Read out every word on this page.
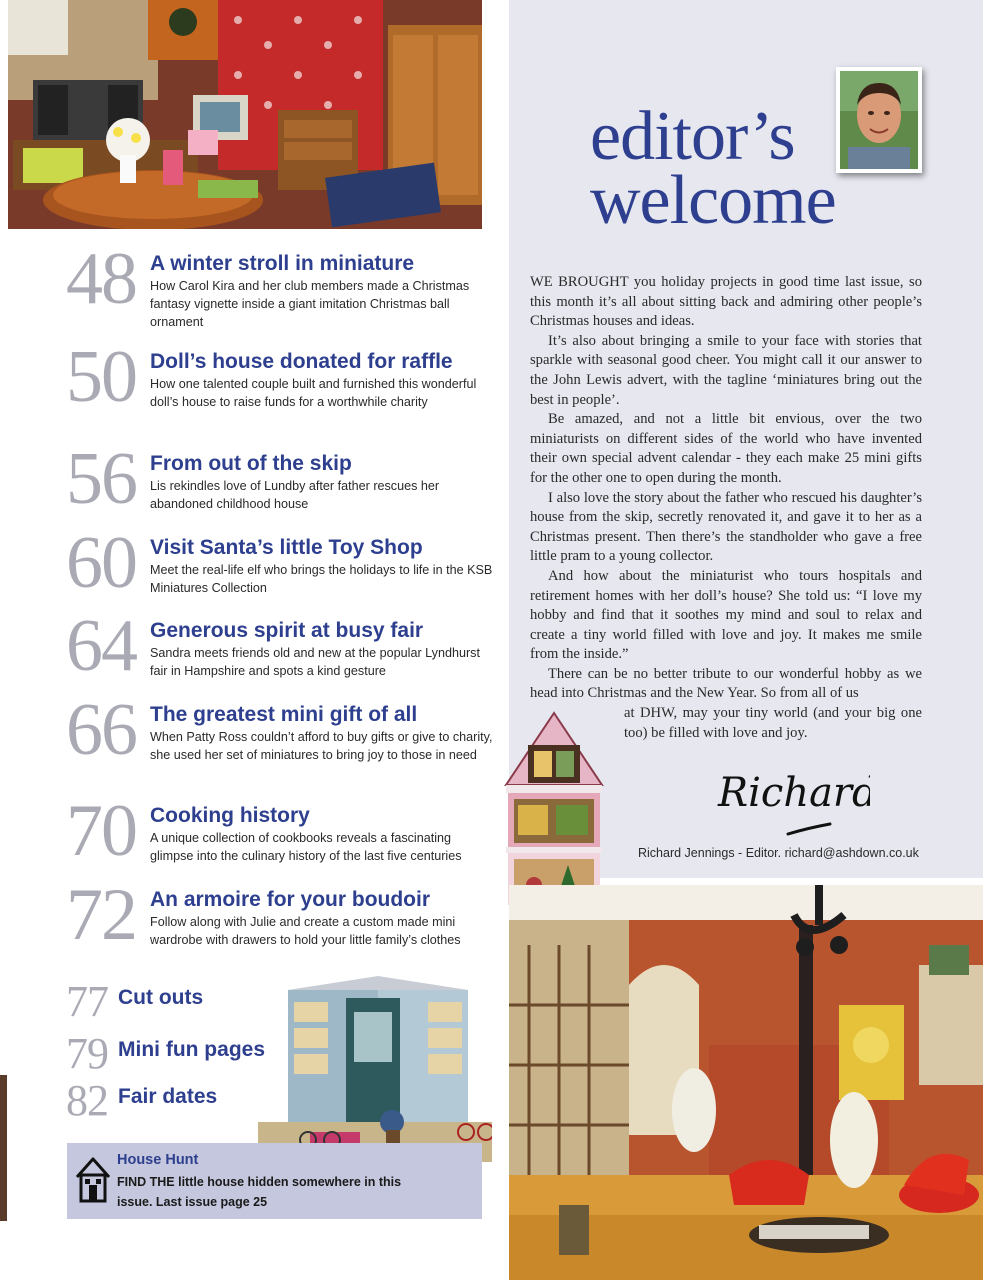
editor’s
welcome

WE BROUGHT you holiday projects in good time last issue, so this month it’s all about sitting back and admiring other people’s Christmas houses and ideas.

It’s also about bringing a smile to your face with stories that sparkle with seasonal good cheer. You might call it our answer to the John Lewis advert, with the tagline ‘miniatures bring out the best in people’.

Be amazed, and not a little bit envious, over the two miniaturists on different sides of the world who have invented their own special advent calendar - they each make 25 mini gifts for the other one to open during the month.

I also love the story about the father who rescued his daughter’s house from the skip, secretly renovated it, and gave it to her as a Christmas present. Then there’s the standholder who gave a free little pram to a young collector.

And how about the miniaturist who tours hospitals and retirement homes with her doll’s house? She told us: “I love my hobby and find that it soothes my mind and soul to relax and create a tiny world filled with love and joy. It makes me smile from the inside.”

There can be no better tribute to our wonderful hobby as we head into Christmas and the New Year. So from all of us

at DHW, may your tiny world (and your big one too) be filled with love and joy.

Richard
Richard Jennings - Editor. richard@ashdown.co.uk
48 A winter stroll in miniature
How Carol Kira and her club members made a Christmas fantasy vignette inside a giant imitation Christmas ball ornament
50 Doll’s house donated for raffle
How one talented couple built and furnished this wonderful doll’s house to raise funds for a worthwhile charity
56 From out of the skip
Lis rekindles love of Lundby after father rescues her abandoned childhood house
60 Visit Santa’s little Toy Shop
Meet the real-life elf who brings the holidays to life in the KSB Miniatures Collection
64 Generous spirit at busy fair
Sandra meets friends old and new at the popular Lyndhurst fair in Hampshire and spots a kind gesture
66 The greatest mini gift of all
When Patty Ross couldn’t afford to buy gifts or give to charity, she used her set of miniatures to bring joy to those in need
70 Cooking history
A unique collection of cookbooks reveals a fascinating glimpse into the culinary history of the last five centuries
72 An armoire for your boudoir
Follow along with Julie and create a custom made mini wardrobe with drawers to hold your little family’s clothes
77 Cut outs
79 Mini fun pages
82 Fair dates
House Hunt
FIND THE little house hidden somewhere in this issue. Last issue page 25
